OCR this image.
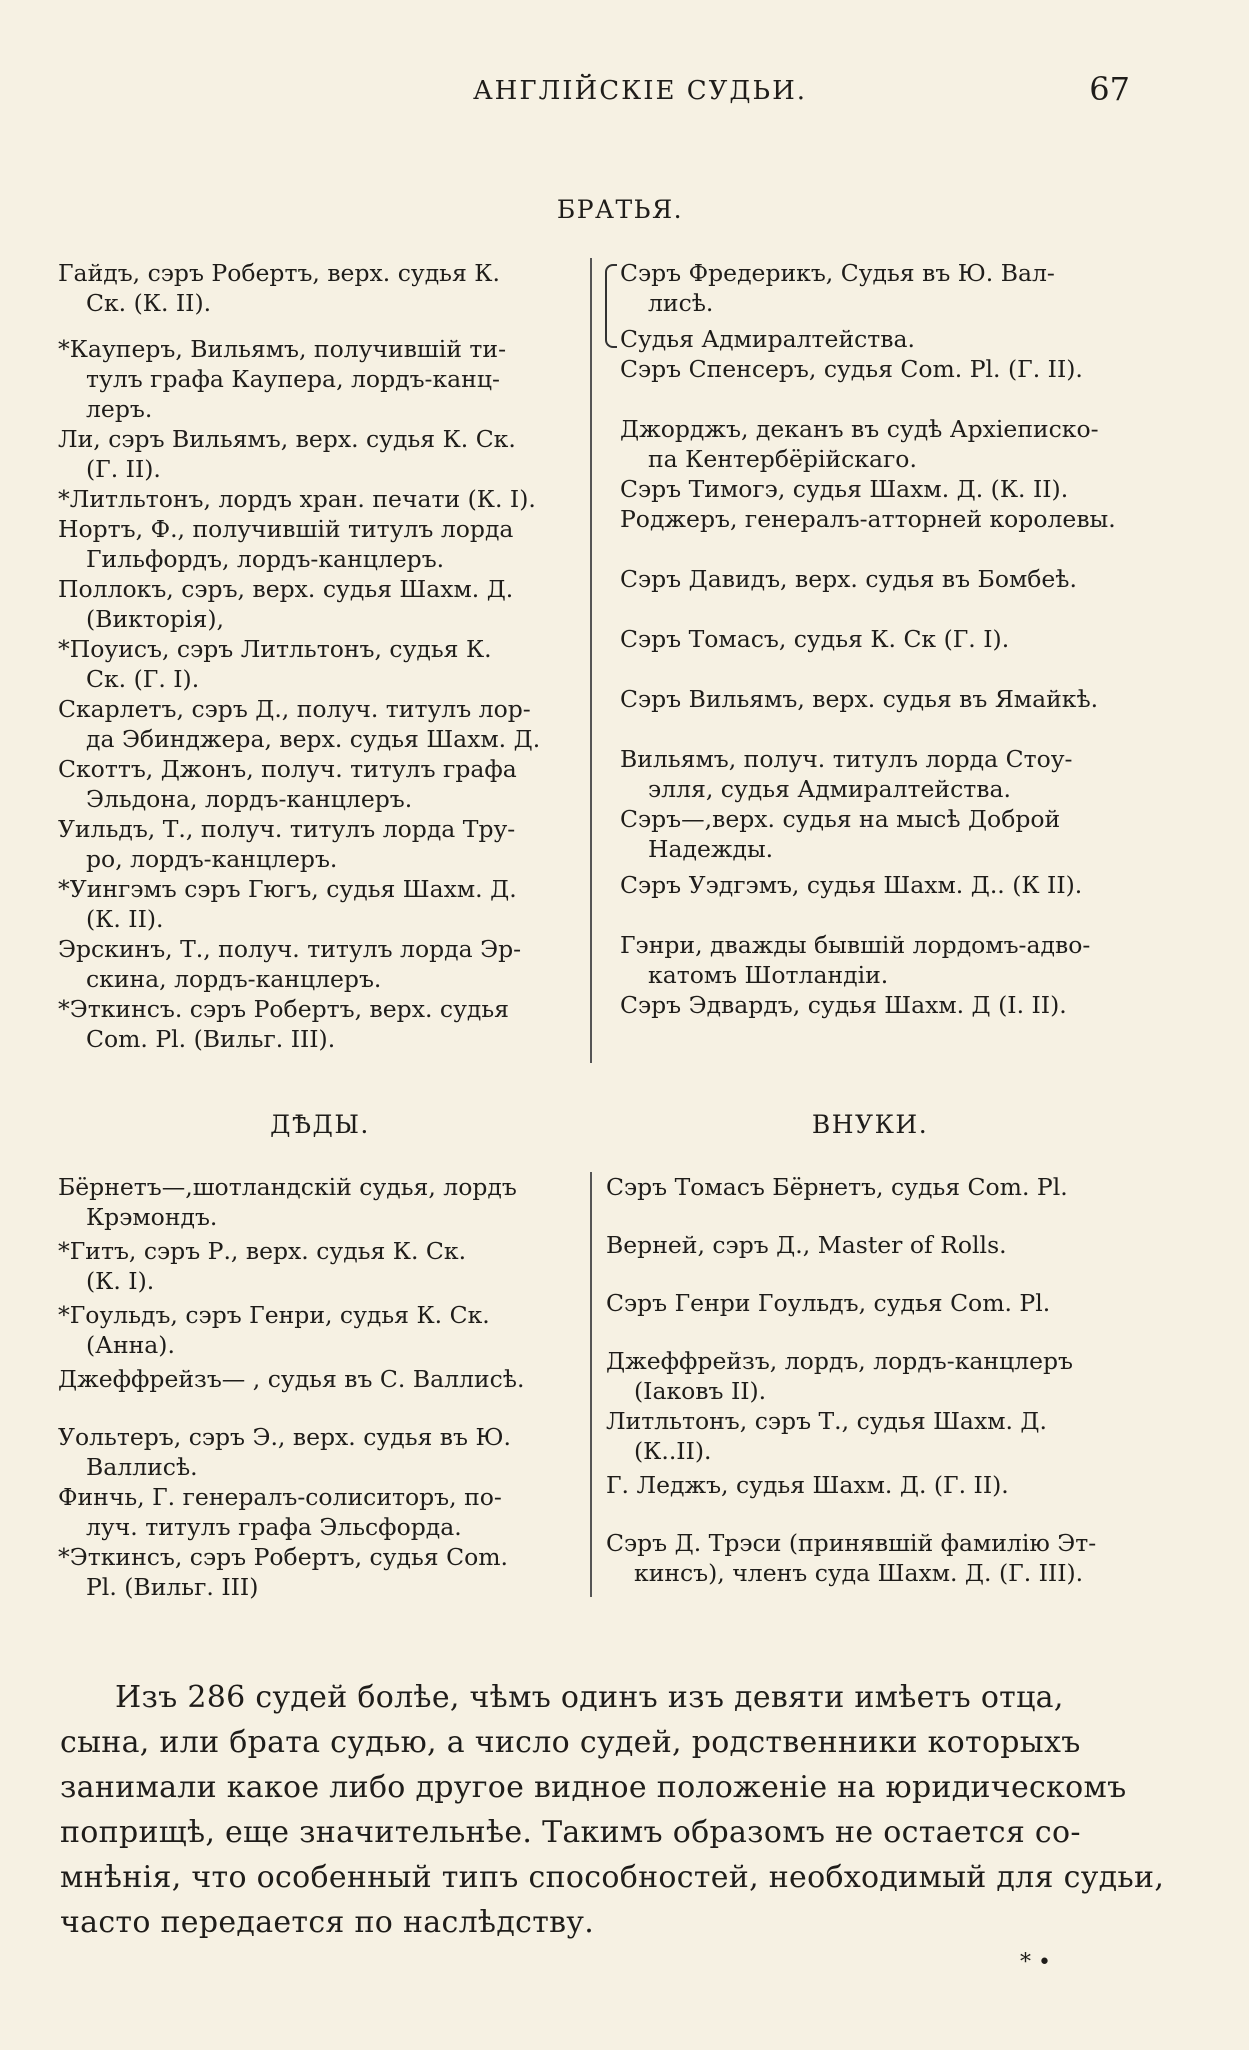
АНГЛІЙСКІЕ СУДЬИ.	67
БРАТЬЯ.
Гайдъ, сэръ Робертъ, верх. судья К.
Ск. (К. II).
*Кауперъ, Вильямъ, получившій ти-
тулъ графа Каупера, лордъ-канц-
леръ.
Ли, сэръ Вильямъ, верх. судья К. Ск.
(Г. II).
*Литльтонъ, лордъ хран. печати (К. I).
Нортъ, Ф., получившій титулъ лорда
Гильфордъ, лордъ-канцлеръ.
Поллокъ, сэръ, верх. судья Шахм. Д.
(Викторія),
*Поуисъ, сэръ Литльтонъ, судья К.
Ск. (Г. I).
Скарлетъ, сэръ Д., получ. титулъ лор-
да Эбинджера, верх. судья Шахм. Д.
Скоттъ, Джонъ, получ. титулъ графа
Эльдона, лордъ-канцлеръ.
Уильдъ, Т., получ. титулъ лорда Тру-
ро, лордъ-канцлеръ.
*Уингэмъ сэръ Гюгъ, судья Шахм. Д.
(К. II).
Эрскинъ, Т., получ. титулъ лорда Эр-
скина, лордъ-канцлеръ.
*Эткинсъ. сэръ Робертъ, верх. судья
Com. Pl. (Вильг. III).
Сэръ Фредерикъ, Судья въ Ю. Вал-
лисѣ.
Судья Адмиралтейства.
Сэръ Спенсеръ, судья Com. Pl. (Г. II).
Джорджъ, деканъ въ судѣ Архіеписко-
па Кентербёрійскаго.
Сэръ Тимогэ, судья Шахм. Д. (К. II).
Роджеръ, генералъ-атторней королевы.
Сэръ Давидъ, верх. судья въ Бомбеѣ.
Сэръ Томасъ, судья К. Ск (Г. I).
Сэръ Вильямъ, верх. судья въ Ямайкѣ.
Вильямъ, получ. титулъ лорда Стоу-
элля, судья Адмиралтейства.
Сэръ—,верх. судья на мысѣ Доброй
Надежды.
Сэръ Уэдгэмъ, судья Шахм. Д.. (К II).
Гэнри, дважды бывшій лордомъ-адво-
катомъ Шотландіи.
Сэръ Эдвардъ, судья Шахм. Д (I. II).
ДѢДЫ.	ВНУКИ.
Бёрнетъ—,шотландскій судья, лордъ
Крэмондъ.
*Гитъ, сэръ Р., верх. судья К. Ск.
(К. I).
*Гоульдъ, сэръ Генри, судья К. Ск.
(Анна).
Джеффрейзъ— , судья въ С. Валлисѣ.
Уольтеръ, сэръ Э., верх. судья въ Ю.
Валлисѣ.
Финчь, Г. генералъ-солиситоръ, по-
луч. титулъ графа Эльсфорда.
*Эткинсъ, сэръ Робертъ, судья Com.
Pl. (Вильг. III)
Сэръ Томасъ Бёрнетъ, судья Com. Pl.
Верней, сэръ Д., Master of Rolls.
Сэръ Генри Гоульдъ, судья Com. Pl.
Джеффрейзъ, лордъ, лордъ-канцлеръ
(Іаковъ II).
Литльтонъ, сэръ Т., судья Шахм. Д.
(К..II).
Г. Леджъ, судья Шахм. Д. (Г. II).
Сэръ Д. Трэси (принявшій фамилію Эт-
кинсъ), членъ суда Шахм. Д. (Г. III).
Изъ 286 судей болѣе, чѣмъ одинъ изъ девяти имѣетъ отца,
сына, или брата судью, а число судей, родственники которыхъ
занимали какое либо другое видное положеніе на юридическомъ
поприщѣ, еще значительнѣе. Такимъ образомъ не остается со-
мнѣнія, что особенный типъ способностей, необходимый для судьи,
часто передается по наслѣдству.
* •
